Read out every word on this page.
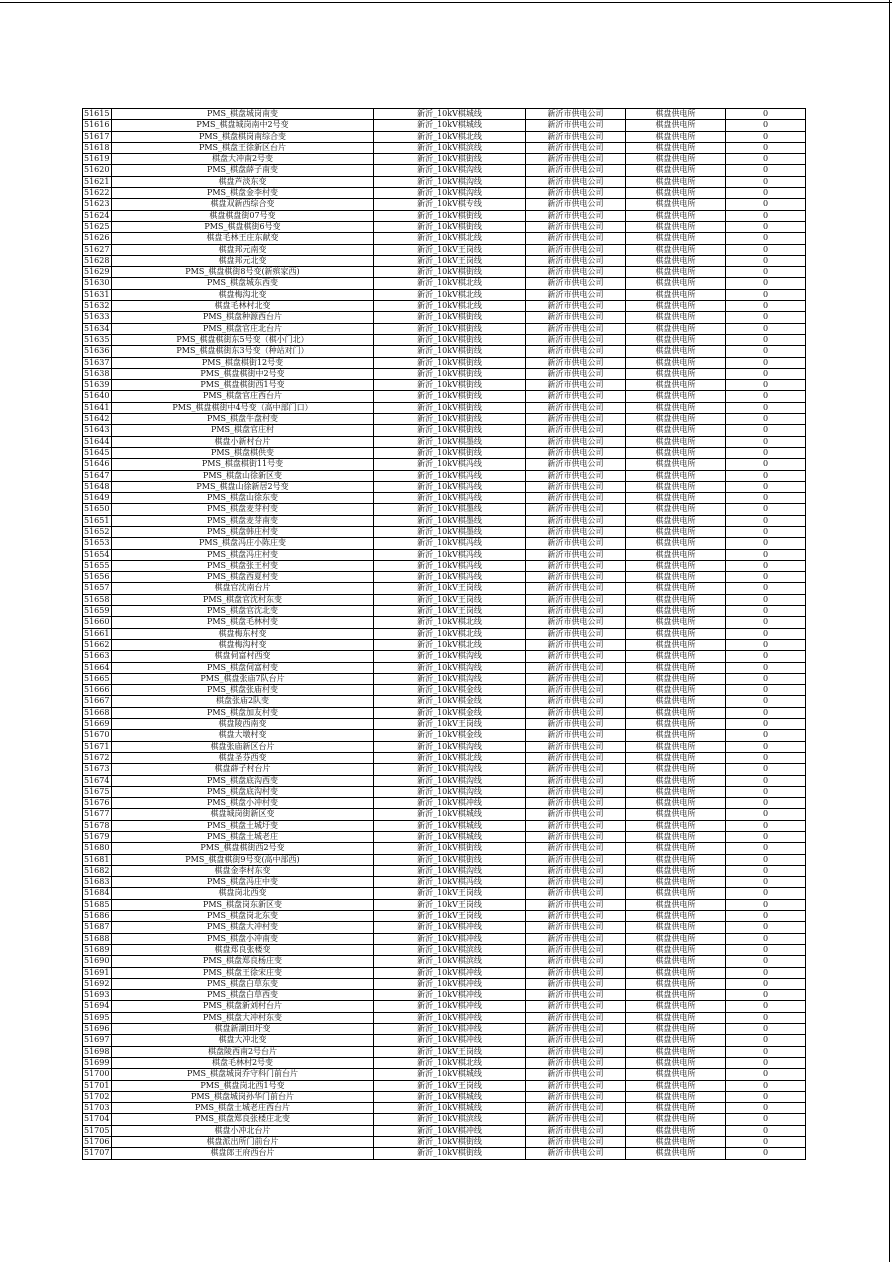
51615	PMS_棋盘城岗南变	新沂_10kV棋城线	新沂市供电公司	棋盘供电所	0
51616	PMS_棋盘城岗南中2号变	新沂_10kV棋城线	新沂市供电公司	棋盘供电所	0
51617	PMS_棋盘棋岗南综合变	新沂_10kV棋北线	新沂市供电公司	棋盘供电所	0
51618	PMS_棋盘王徐新区台片	新沂_10kV棋滨线	新沂市供电公司	棋盘供电所	0
51619	棋盘大冲南2号变	新沂_10kV棋街线	新沂市供电公司	棋盘供电所	0
51620	PMS_棋盘薛子南变	新沂_10kV棋沟线	新沂市供电公司	棋盘供电所	0
51621	棋盘芦淡东变	新沂_10kV棋沟线	新沂市供电公司	棋盘供电所	0
51622	PMS_棋盘金李村变	新沂_10kV棋沟线	新沂市供电公司	棋盘供电所	0
51623	棋盘双新西综合变	新沂_10kV棋专线	新沂市供电公司	棋盘供电所	0
51624	棋盘棋盘街07号变	新沂_10kV棋街线	新沂市供电公司	棋盘供电所	0
51625	PMS_棋盘棋街6号变	新沂_10kV棋街线	新沂市供电公司	棋盘供电所	0
51626	棋盘毛林王庄东献变	新沂_10kV棋北线	新沂市供电公司	棋盘供电所	0
51627	棋盘邦元南变	新沂_10kV王岗线	新沂市供电公司	棋盘供电所	0
51628	棋盘邦元北变	新沂_10kV王岗线	新沂市供电公司	棋盘供电所	0
51629	PMS_棋盘棋街8号变(新殡家西)	新沂_10kV棋街线	新沂市供电公司	棋盘供电所	0
51630	PMS_棋盘城东西变	新沂_10kV棋北线	新沂市供电公司	棋盘供电所	0
51631	棋盘梅沟北变	新沂_10kV棋北线	新沂市供电公司	棋盘供电所	0
51632	棋盘毛林村北变	新沂_10kV棋北线	新沂市供电公司	棋盘供电所	0
51633	PMS_棋盘种源西台片	新沂_10kV棋街线	新沂市供电公司	棋盘供电所	0
51634	PMS_棋盘官庄北台片	新沂_10kV棋街线	新沂市供电公司	棋盘供电所	0
51635	PMS_棋盘棋街东5号变（棋小门北）	新沂_10kV棋街线	新沂市供电公司	棋盘供电所	0
51636	PMS_棋盘棋街东3号变（种站对门）	新沂_10kV棋街线	新沂市供电公司	棋盘供电所	0
51637	PMS_棋盘棋街12号变	新沂_10kV棋街线	新沂市供电公司	棋盘供电所	0
51638	PMS_棋盘棋街中2号变	新沂_10kV棋街线	新沂市供电公司	棋盘供电所	0
51639	PMS_棋盘棋街西1号变	新沂_10kV棋街线	新沂市供电公司	棋盘供电所	0
51640	PMS_棋盘官庄西台片	新沂_10kV棋街线	新沂市供电公司	棋盘供电所	0
51641	PMS_棋盘棋街中4号变（高中部门口）	新沂_10kV棋街线	新沂市供电公司	棋盘供电所	0
51642	PMS_棋盘牛盘村变	新沂_10kV棋街线	新沂市供电公司	棋盘供电所	0
51643	PMS_棋盘官庄村	新沂_10kV棋街线	新沂市供电公司	棋盘供电所	0
51644	棋盘小新村台片	新沂_10kV棋墨线	新沂市供电公司	棋盘供电所	0
51645	PMS_棋盘棋供变	新沂_10kV棋街线	新沂市供电公司	棋盘供电所	0
51646	PMS_棋盘棋街11号变	新沂_10kV棋冯线	新沂市供电公司	棋盘供电所	0
51647	PMS_棋盘山徐新区变	新沂_10kV棋冯线	新沂市供电公司	棋盘供电所	0
51648	PMS_棋盘山徐新居2号变	新沂_10kV棋冯线	新沂市供电公司	棋盘供电所	0
51649	PMS_棋盘山徐东变	新沂_10kV棋冯线	新沂市供电公司	棋盘供电所	0
51650	PMS_棋盘麦芽村变	新沂_10kV棋墨线	新沂市供电公司	棋盘供电所	0
51651	PMS_棋盘麦芽南变	新沂_10kV棋墨线	新沂市供电公司	棋盘供电所	0
51652	PMS_棋盘韩庄村变	新沂_10kV棋墨线	新沂市供电公司	棋盘供电所	0
51653	PMS_棋盘冯庄小陈庄变	新沂_10kV棋冯线	新沂市供电公司	棋盘供电所	0
51654	PMS_棋盘冯庄村变	新沂_10kV棋冯线	新沂市供电公司	棋盘供电所	0
51655	PMS_棋盘张王村变	新沂_10kV棋冯线	新沂市供电公司	棋盘供电所	0
51656	PMS_棋盘西夏村变	新沂_10kV棋冯线	新沂市供电公司	棋盘供电所	0
51657	棋盘官沈南台片	新沂_10kV王岗线	新沂市供电公司	棋盘供电所	0
51658	PMS_棋盘官沈村东变	新沂_10kV王岗线	新沂市供电公司	棋盘供电所	0
51659	PMS_棋盘官沈北变	新沂_10kV王岗线	新沂市供电公司	棋盘供电所	0
51660	PMS_棋盘毛林村变	新沂_10kV棋北线	新沂市供电公司	棋盘供电所	0
51661	棋盘梅东村变	新沂_10kV棋北线	新沂市供电公司	棋盘供电所	0
51662	棋盘梅沟村变	新沂_10kV棋北线	新沂市供电公司	棋盘供电所	0
51663	棋盘伺富村西变	新沂_10kV棋沟线	新沂市供电公司	棋盘供电所	0
51664	PMS_棋盘伺富村变	新沂_10kV棋沟线	新沂市供电公司	棋盘供电所	0
51665	PMS_棋盘张庙7队台片	新沂_10kV棋沟线	新沂市供电公司	棋盘供电所	0
51666	PMS_棋盘张庙村变	新沂_10kV棋金线	新沂市供电公司	棋盘供电所	0
51667	棋盘张庙2队变	新沂_10kV棋金线	新沂市供电公司	棋盘供电所	0
51668	PMS_棋盘加友村变	新沂_10kV棋金线	新沂市供电公司	棋盘供电所	0
51669	棋盘陵西南变	新沂_10kV王岗线	新沂市供电公司	棋盘供电所	0
51670	棋盘大墩村变	新沂_10kV棋金线	新沂市供电公司	棋盘供电所	0
51671	棋盘张庙新区台片	新沂_10kV棋沟线	新沂市供电公司	棋盘供电所	0
51672	棋盘圣芬西变	新沂_10kV棋北线	新沂市供电公司	棋盘供电所	0
51673	棋盘薛子村台片	新沂_10kV棋沟线	新沂市供电公司	棋盘供电所	0
51674	PMS_棋盘底沟西变	新沂_10kV棋沟线	新沂市供电公司	棋盘供电所	0
51675	PMS_棋盘底沟村变	新沂_10kV棋沟线	新沂市供电公司	棋盘供电所	0
51676	PMS_棋盘小冲村变	新沂_10kV棋冲线	新沂市供电公司	棋盘供电所	0
51677	棋盘城岗街新区变	新沂_10kV棋城线	新沂市供电公司	棋盘供电所	0
51678	PMS_棋盘土城圩变	新沂_10kV棋城线	新沂市供电公司	棋盘供电所	0
51679	PMS_棋盘土城老庄	新沂_10kV棋城线	新沂市供电公司	棋盘供电所	0
51680	PMS_棋盘棋街西2号变	新沂_10kV棋街线	新沂市供电公司	棋盘供电所	0
51681	PMS_棋盘棋街9号变(高中部西)	新沂_10kV棋街线	新沂市供电公司	棋盘供电所	0
51682	棋盘金李村东变	新沂_10kV棋沟线	新沂市供电公司	棋盘供电所	0
51683	PMS_棋盘冯庄中变	新沂_10kV棋冯线	新沂市供电公司	棋盘供电所	0
51684	棋盘岗北西变	新沂_10kV王岗线	新沂市供电公司	棋盘供电所	0
51685	PMS_棋盘岗东新区变	新沂_10kV王岗线	新沂市供电公司	棋盘供电所	0
51686	PMS_棋盘岗北东变	新沂_10kV王岗线	新沂市供电公司	棋盘供电所	0
51687	PMS_棋盘大冲村变	新沂_10kV棋冲线	新沂市供电公司	棋盘供电所	0
51688	PMS_棋盘小冲南变	新沂_10kV棋冲线	新沂市供电公司	棋盘供电所	0
51689	棋盘郑良张楼变	新沂_10kV棋滨线	新沂市供电公司	棋盘供电所	0
51690	PMS_棋盘郑良杨庄变	新沂_10kV棋滨线	新沂市供电公司	棋盘供电所	0
51691	PMS_棋盘王徐宋庄变	新沂_10kV棋冲线	新沂市供电公司	棋盘供电所	0
51692	PMS_棋盘白草东变	新沂_10kV棋冲线	新沂市供电公司	棋盘供电所	0
51693	PMS_棋盘白草西变	新沂_10kV棋冲线	新沂市供电公司	棋盘供电所	0
51694	PMS_棋盘新刘村台片	新沂_10kV棋冲线	新沂市供电公司	棋盘供电所	0
51695	PMS_棋盘大冲村东变	新沂_10kV棋冲线	新沂市供电公司	棋盘供电所	0
51696	棋盘新湖田圩变	新沂_10kV棋冲线	新沂市供电公司	棋盘供电所	0
51697	棋盘大冲北变	新沂_10kV棋冲线	新沂市供电公司	棋盘供电所	0
51698	棋盘陵西南2号台片	新沂_10kV王岗线	新沂市供电公司	棋盘供电所	0
51699	棋盘毛林村2号变	新沂_10kV棋北线	新沂市供电公司	棋盘供电所	0
51700	PMS_棋盘城岗乔守科门前台片	新沂_10kV棋城线	新沂市供电公司	棋盘供电所	0
51701	PMS_棋盘岗北西1号变	新沂_10kV王岗线	新沂市供电公司	棋盘供电所	0
51702	PMS_棋盘城岗孙华门前台片	新沂_10kV棋城线	新沂市供电公司	棋盘供电所	0
51703	PMS_棋盘土城老庄西台片	新沂_10kV棋城线	新沂市供电公司	棋盘供电所	0
51704	PMS_棋盘郑良张楼庄北变	新沂_10kV棋滨线	新沂市供电公司	棋盘供电所	0
51705	棋盘小冲北台片	新沂_10kV棋冲线	新沂市供电公司	棋盘供电所	0
51706	棋盘派出所门前台片	新沂_10kV棋街线	新沂市供电公司	棋盘供电所	0
51707	棋盘郎王府西台片	新沂_10kV棋街线	新沂市供电公司	棋盘供电所	0
